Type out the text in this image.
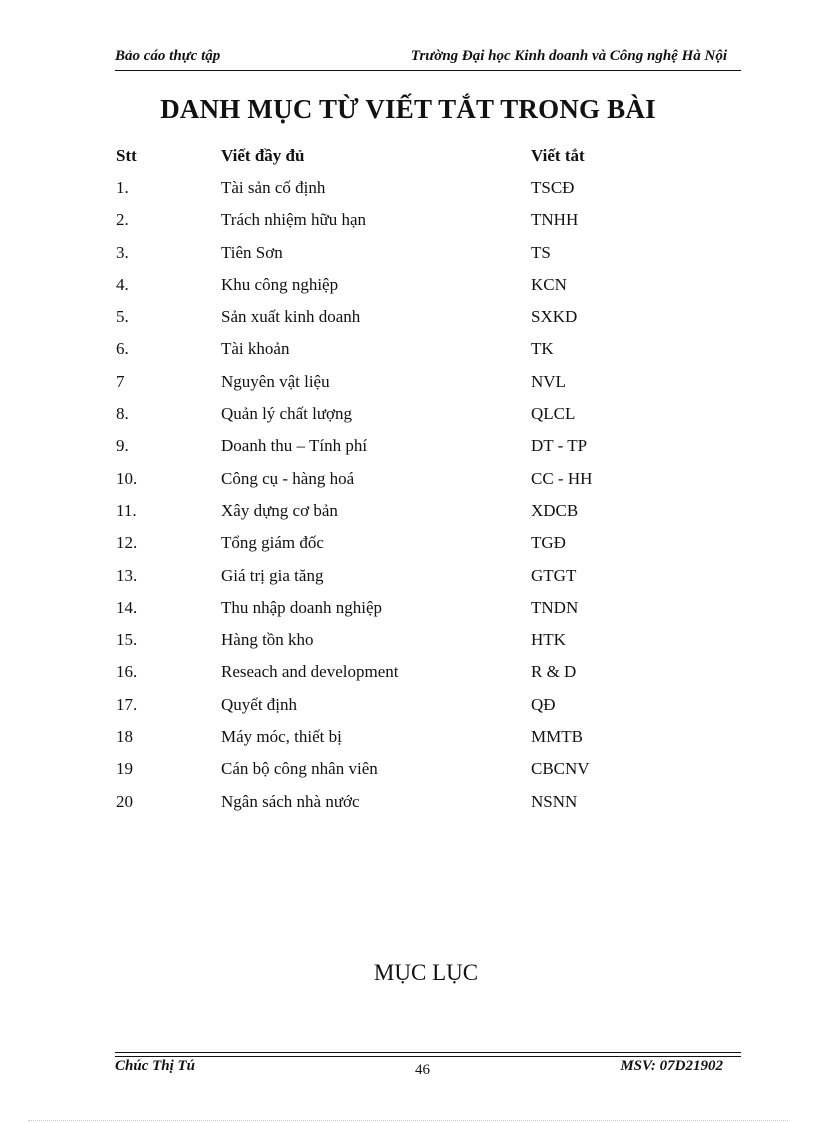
Bảo cáo thực tập	Trường Đại học Kinh doanh và Công nghệ Hà Nội
DANH MỤC TỪ VIẾT TẮT TRONG BÀI
Stt	Viết đầy đủ	Viết tắt
1.	Tài sản cố định	TSCĐ
2.	Trách nhiệm hữu hạn	TNHH
3.	Tiên Sơn	TS
4.	Khu công nghiệp	KCN
5.	Sản xuất kinh doanh	SXKD
6.	Tài khoản	TK
7	Nguyên vật liệu	NVL
8.	Quản lý chất lượng	QLCL
9.	Doanh thu – Tính phí	DT - TP
10.	Công cụ - hàng hoá	CC - HH
11.	Xây dựng cơ bản	XDCB
12.	Tổng giám đốc	TGĐ
13.	Giá trị gia tăng	GTGT
14.	Thu nhập doanh nghiệp	TNDN
15.	Hàng tồn kho	HTK
16.	Reseach and development	R & D
17.	Quyết định	QĐ
18	Máy móc, thiết bị	MMTB
19	Cán bộ công nhân viên	CBCNV
20	Ngân sách nhà nước	NSNN
MỤC LỤC
Chúc Thị Tú	46	MSV: 07D21902
